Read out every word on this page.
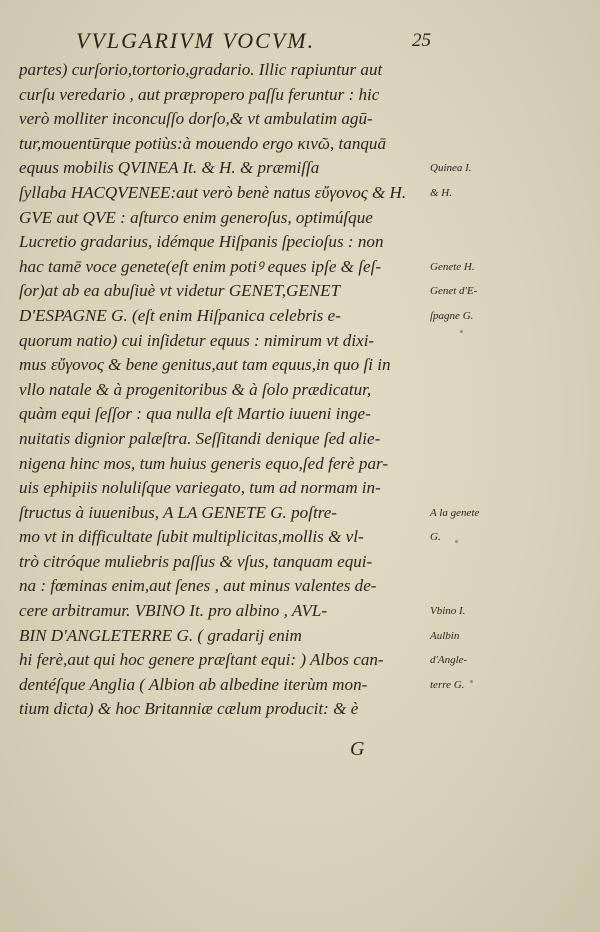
VVLGARIVM VOCVM.	25
partes) curſorio,tortorio,gradario. Illic rapiuntur aut
curſu veredario , aut præpropero paſſu feruntur : hic
verò molliter inconcuſſo dorſo,& vt ambulatim agū-
tur,mouentūrque potiùs:à mouendo ergo κινῶ, tanquā
equus mobilis QVINEA It. & H. & præmiſſa
ſyllaba HACQVENEE:aut verò benè natus εὔγονος & H.
GVE aut QVE : aſturco enim generoſus, optimúſque
Lucretio gradarius, idémque Hiſpanis ſpecioſus : non
hac tamē voce genete(eſt enim potiꝰ eques ipſe & ſeſ-
ſor)at ab ea abuſiuè vt videtur GENET,GENET
D'ESPAGNE G. (eſt enim Hiſpanica celebris e-
quorum natio) cui inſidetur equus : nimirum vt dixi-
mus εὔγονος & bene genitus,aut tam equus,in quo ſi in
vllo natale & à progenitoribus & à ſolo prædicatur,
quàm equi ſeſſor : qua nulla eſt Martio iuueni inge-
nuitatis dignior palæſtra. Seſſitandi denique ſed alie-
nigena hinc mos, tum huius generis equo,ſed ferè par-
uis ephipiis noluliſque variegato, tum ad normam in-
ſtructus à iuuenibus, A LA GENETE G. poſtre-
mo vt in difficultate ſubit multiplicitas,mollis & vl-
trò citróque muliebris paſſus & vſus, tanquam equi-
na : fœminas enim,aut ſenes , aut minus valentes de-
cere arbitramur. VBINO It. pro albino , AVL-
BIN D'ANGLETERRE G. ( gradarij enim
hi ferè,aut qui hoc genere præſtant equi: ) Albos can-
dentéſque Anglia ( Albion ab albedine iterùm mon-
tium dicta) & hoc Britanniæ cælum producit: & è
Quinea I.
& H.
Genete H.
Genet d'E-
ſpagne G.
A la genete
G.
Vbino I.
Aulbin
d'Angle-
terre G.
G
